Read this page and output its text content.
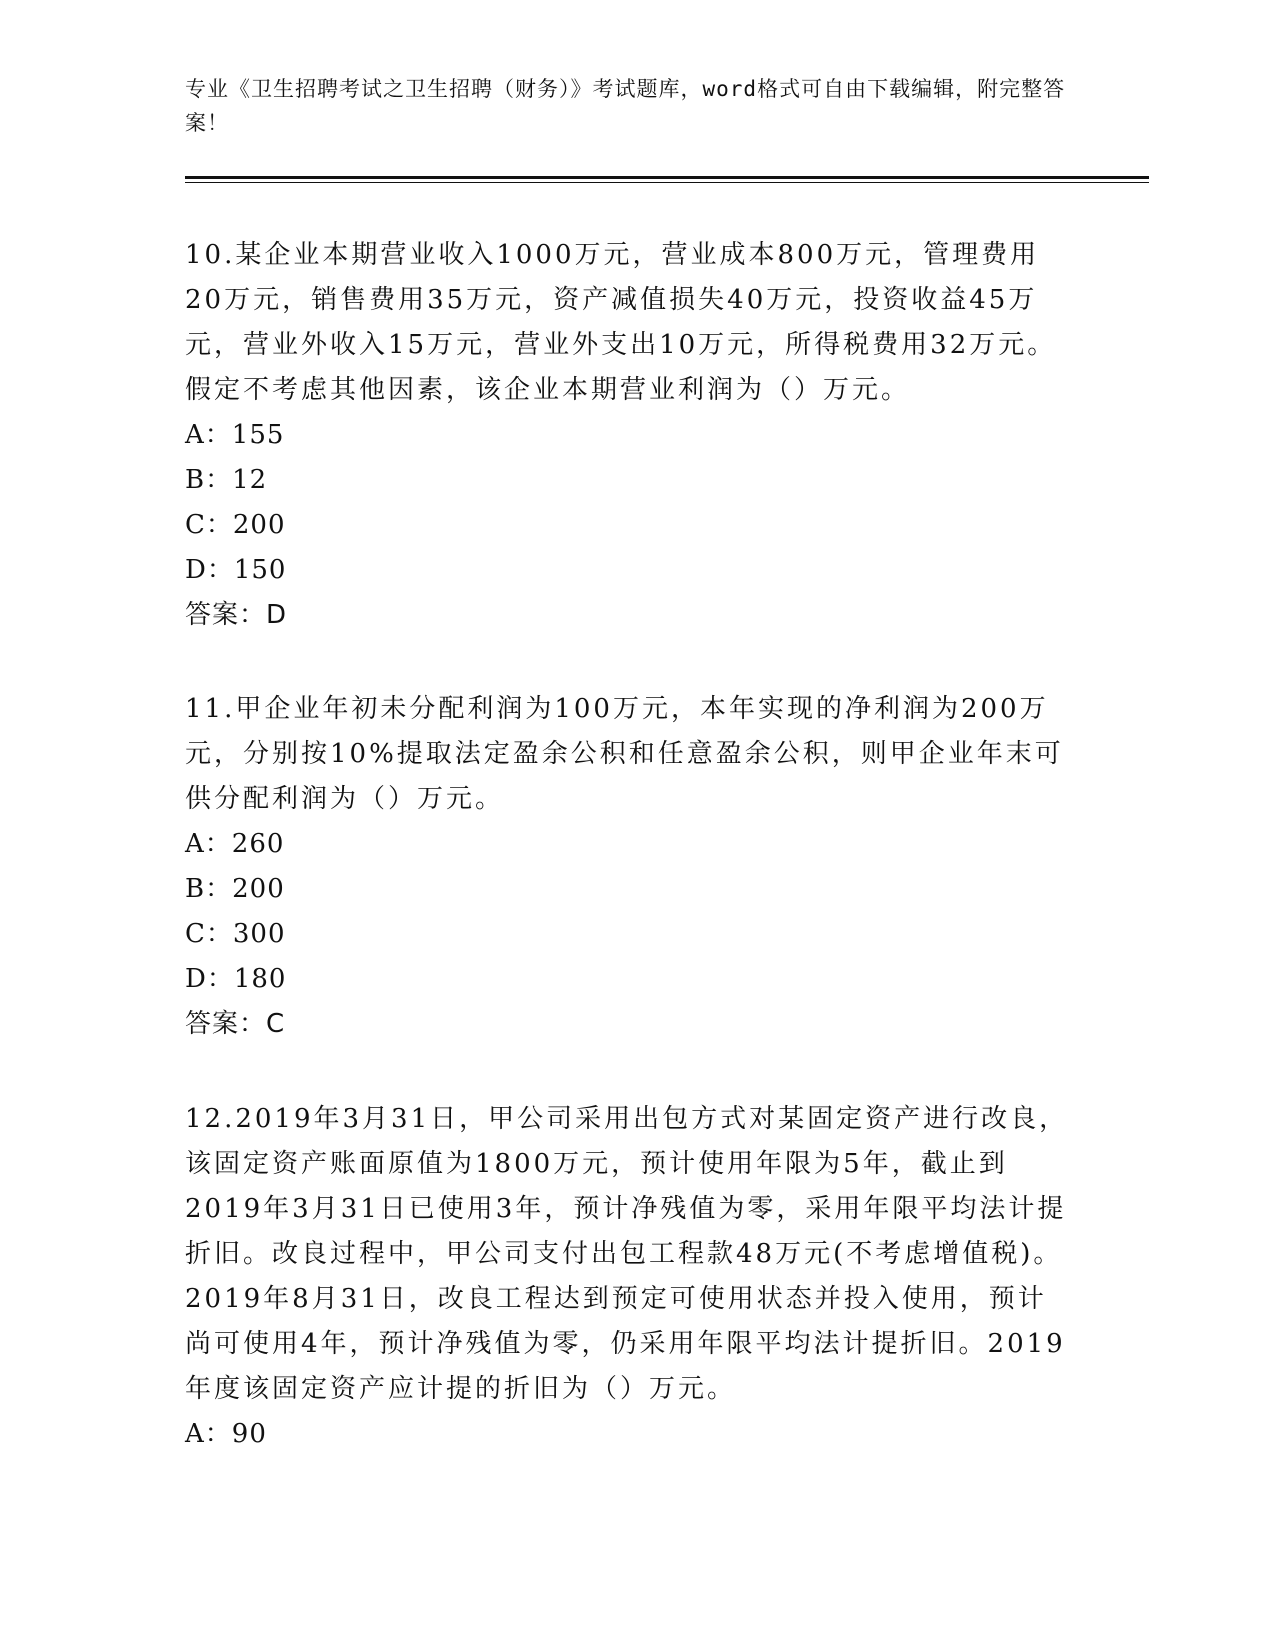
专业《卫生招聘考试之卫生招聘（财务）》考试题库，word格式可自由下载编辑，附完整答案！
10.某企业本期营业收入1000万元，营业成本800万元，管理费用20万元，销售费用35万元，资产减值损失40万元，投资收益45万元，营业外收入15万元，营业外支出10万元，所得税费用32万元。假定不考虑其他因素，该企业本期营业利润为（）万元。
A：155
B：12
C：200
D：150
答案：D
11.甲企业年初未分配利润为100万元，本年实现的净利润为200万元，分别按10%提取法定盈余公积和任意盈余公积，则甲企业年末可供分配利润为（）万元。
A：260
B：200
C：300
D：180
答案：C
12.2019年3月31日，甲公司采用出包方式对某固定资产进行改良，该固定资产账面原值为1800万元，预计使用年限为5年，截止到2019年3月31日已使用3年，预计净残值为零，采用年限平均法计提折旧。改良过程中，甲公司支付出包工程款48万元(不考虑增值税)。2019年8月31日，改良工程达到预定可使用状态并投入使用，预计尚可使用4年，预计净残值为零，仍采用年限平均法计提折旧。2019年度该固定资产应计提的折旧为（）万元。
A：90
